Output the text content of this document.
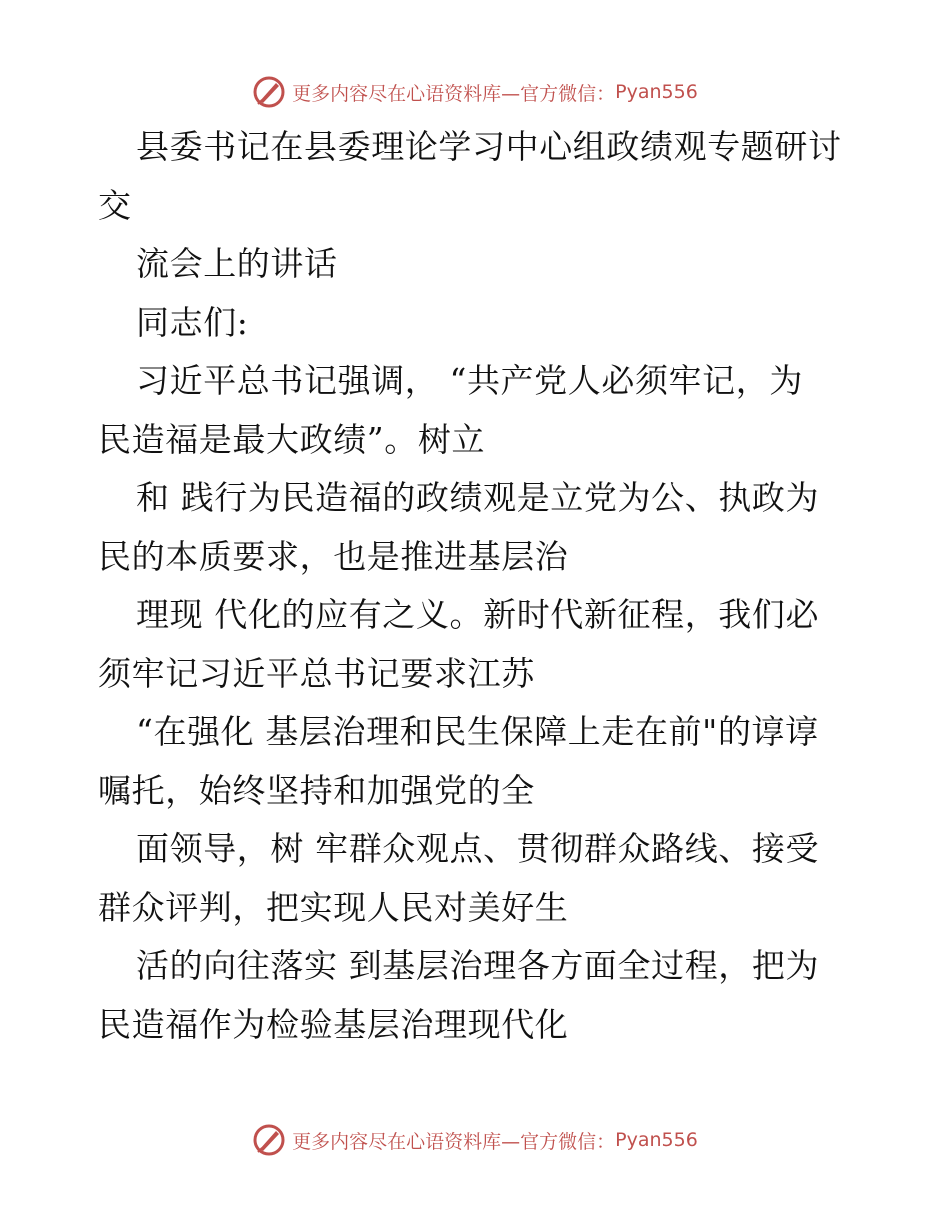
更多内容尽在心语资料库—官方微信： Pyan556
县委书记在县委理论学习中心组政绩观专题研讨
交
流会上的讲话
同志们:
习近平总书记强调， “共产党人必须牢记，为
民造福是最大政绩”。树立
和 践行为民造福的政绩观是立党为公、执政为
民的本质要求，也是推进基层治
理现 代化的应有之义。新时代新征程，我们必
须牢记习近平总书记要求江苏
“在强化 基层治理和民生保障上走在前"的谆谆
嘱托，始终坚持和加强党的全
面领导，树 牢群众观点、贯彻群众路线、接受
群众评判，把实现人民对美好生
活的向往落实 到基层治理各方面全过程，把为
民造福作为检验基层治理现代化
更多内容尽在心语资料库—官方微信： Pyan556
